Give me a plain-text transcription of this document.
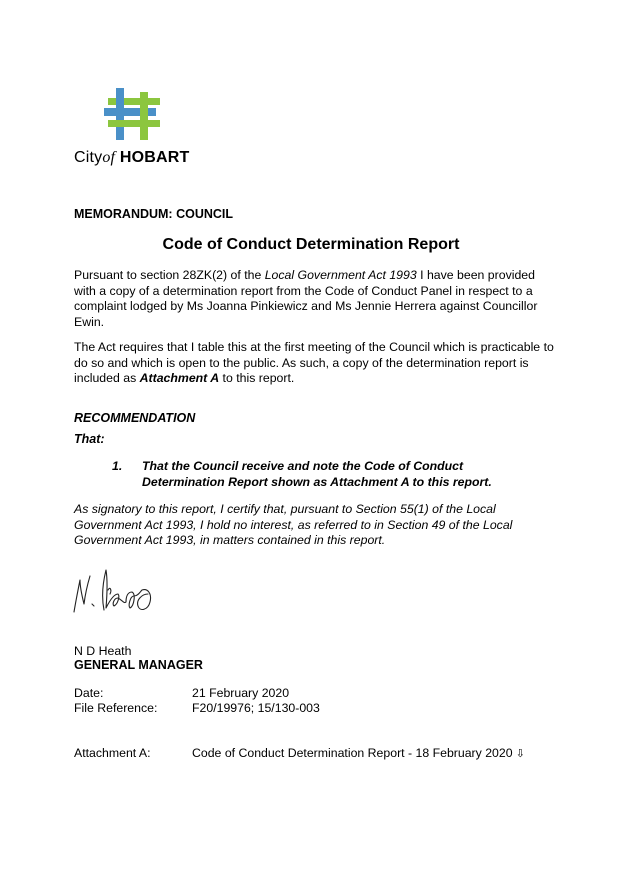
Cityof HOBART
MEMORANDUM: COUNCIL
Code of Conduct Determination Report
Pursuant to section 28ZK(2) of the Local Government Act 1993 I have been provided with a copy of a determination report from the Code of Conduct Panel in respect to a complaint lodged by Ms Joanna Pinkiewicz and Ms Jennie Herrera against Councillor Ewin.
The Act requires that I table this at the first meeting of the Council which is practicable to do so and which is open to the public. As such, a copy of the determination report is included as Attachment A to this report.
RECOMMENDATION
That:
1. That the Council receive and note the Code of Conduct Determination Report shown as Attachment A to this report.
As signatory to this report, I certify that, pursuant to Section 55(1) of the Local Government Act 1993, I hold no interest, as referred to in Section 49 of the Local Government Act 1993, in matters contained in this report.
N D Heath
GENERAL MANAGER
Date:	21 February 2020
File Reference:	F20/19976; 15/130-003
Attachment A:	Code of Conduct Determination Report - 18 February 2020 ⇩
